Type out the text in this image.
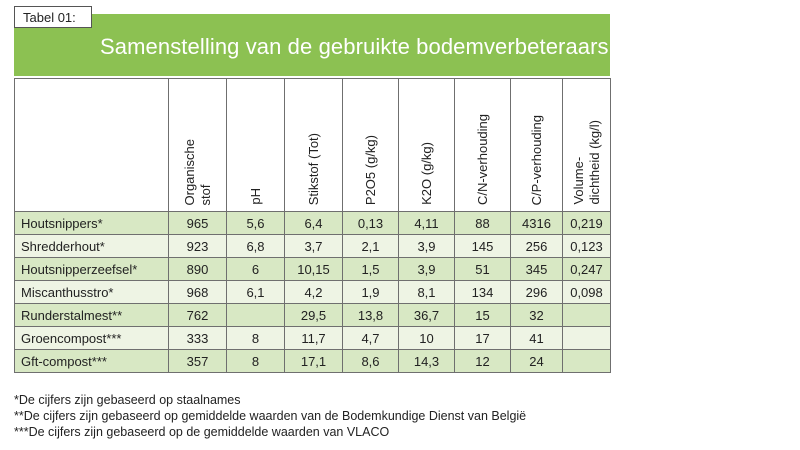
Tabel 01:
Samenstelling van de gebruikte bodemverbeteraars

	Organische
stof	pH	Stikstof (Tot)	P2O5 (g/kg)	K2O (g/kg)	C/N-verhouding	C/P-verhouding	Volume-
dichtheid (kg/l)

Houtsnippers*	965	5,6	6,4	0,13	4,11	88	4316	0,219
Shredderhout*	923	6,8	3,7	2,1	3,9	145	256	0,123
Houtsnipperzeefsel*	890	6	10,15	1,5	3,9	51	345	0,247
Miscanthusstro*	968	6,1	4,2	1,9	8,1	134	296	0,098
Runderstalmest**	762		29,5	13,8	36,7	15	32	
Groencompost***	333	8	11,7	4,7	10	17	41	
Gft-compost***	357	8	17,1	8,6	14,3	12	24	
*De cijfers zijn gebaseerd op staalnames
**De cijfers zijn gebaseerd op gemiddelde waarden van de Bodemkundige Dienst van België
***De cijfers zijn gebaseerd op de gemiddelde waarden van VLACO
